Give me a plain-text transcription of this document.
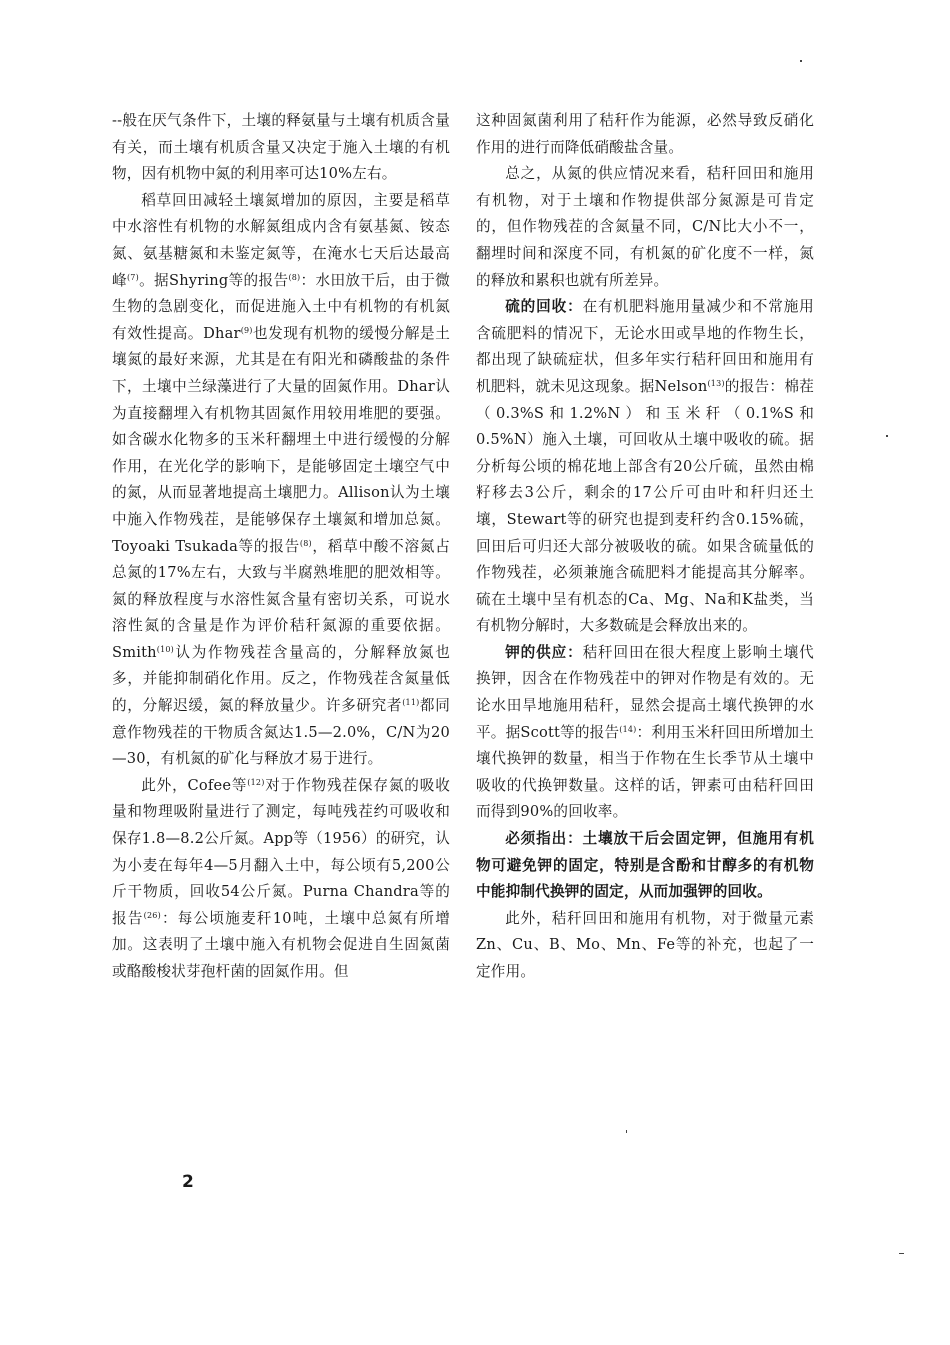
--般在厌气条件下，土壤的释氨量与土壤有机质含量有关，而土壤有机质含量又决定于施入土壤的有机物，因有机物中氮的利用率可达10%左右。

稻草回田减轻土壤氮增加的原因，主要是稻草中水溶性有机物的水解氮组成内含有氨基氮、铵态氮、氨基糖氮和未鉴定氮等，在淹水七天后达最高峰$^{(7)}$。据Shyring等的报告$^{(8)}$：水田放干后，由于微生物的急剧变化，而促进施入土中有机物的有机氮有效性提高。Dhar$^{(9)}$也发现有机物的缓慢分解是土壤氮的最好来源，尤其是在有阳光和磷酸盐的条件下，土壤中兰绿藻进行了大量的固氮作用。Dhar认为直接翻埋入有机物其固氮作用较用堆肥的要强。如含碳水化物多的玉米秆翻埋土中进行缓慢的分解作用，在光化学的影响下，是能够固定土壤空气中的氮，从而显著地提高土壤肥力。Allison认为土壤中施入作物残茬，是能够保存土壤氮和增加总氮。Toyoaki Tsukada等的报告$^{(8)}$，稻草中酸不溶氮占总氮的17%左右，大致与半腐熟堆肥的肥效相等。氮的释放程度与水溶性氮含量有密切关系，可说水溶性氮的含量是作为评价秸秆氮源的重要依据。Smith$^{(10)}$认为作物残茬含量高的，分解释放氮也多，并能抑制硝化作用。反之，作物残茬含氮量低的，分解迟缓，氮的释放量少。许多研究者$^{(11)}$都同意作物残茬的干物质含氮达1.5—2.0%，C/N为20—30，有机氮的矿化与释放才易于进行。

此外，Cofee等$^{(12)}$对于作物残茬保存氮的吸收量和物理吸附量进行了测定，每吨残茬约可吸收和保存1.8—8.2公斤氮。App等（1956）的研究，认为小麦在每年4—5月翻入土中，每公顷有5,200公斤干物质，回收54公斤氮。Purna Chandra等的报告$^{(26)}$：每公顷施麦秆10吨，土壤中总氮有所增加。这表明了土壤中施入有机物会促进自生固氮菌或酪酸梭状芽孢杆菌的固氮作用。但

这种固氮菌利用了秸秆作为能源，必然导致反硝化作用的进行而降低硝酸盐含量。

总之，从氮的供应情况来看，秸秆回田和施用有机物，对于土壤和作物提供部分氮源是可肯定的，但作物残茬的含氮量不同，C/N比大小不一，翻埋时间和深度不同，有机氮的矿化度不一样，氮的释放和累积也就有所差异。

硫的回收：在有机肥料施用量减少和不常施用含硫肥料的情况下，无论水田或旱地的作物生长，都出现了缺硫症状，但多年实行秸秆回田和施用有机肥料，就未见这现象。据Nelson$^{(13)}$的报告：棉茬（0.3%S和1.2%N）和玉米秆（0.1%S和0.5%N）施入土壤，可回收从土壤中吸收的硫。据分析每公顷的棉花地上部含有20公斤硫，虽然由棉籽移去3公斤，剩余的17公斤可由叶和秆归还土壤，Stewart等的研究也提到麦秆约含0.15%硫，回田后可归还大部分被吸收的硫。如果含硫量低的作物残茬，必须兼施含硫肥料才能提高其分解率。硫在土壤中呈有机态的Ca、Mg、Na和K盐类，当有机物分解时，大多数硫是会释放出来的。

钾的供应：秸秆回田在很大程度上影响土壤代换钾，因含在作物残茬中的钾对作物是有效的。无论水田旱地施用秸秆，显然会提高土壤代换钾的水平。据Scott等的报告$^{(14)}$：利用玉米秆回田所增加土壤代换钾的数量，相当于作物在生长季节从土壤中吸收的代换钾数量。这样的话，钾素可由秸秆回田而得到90%的回收率。

必须指出：土壤放干后会固定钾，但施用有机物可避免钾的固定，特别是含酚和甘醇多的有机物中能抑制代换钾的固定，从而加强钾的回收。

此外，秸秆回田和施用有机物，对于微量元素Zn、Cu、B、Mo、Mn、Fe等的补充，也起了一定作用。

2
